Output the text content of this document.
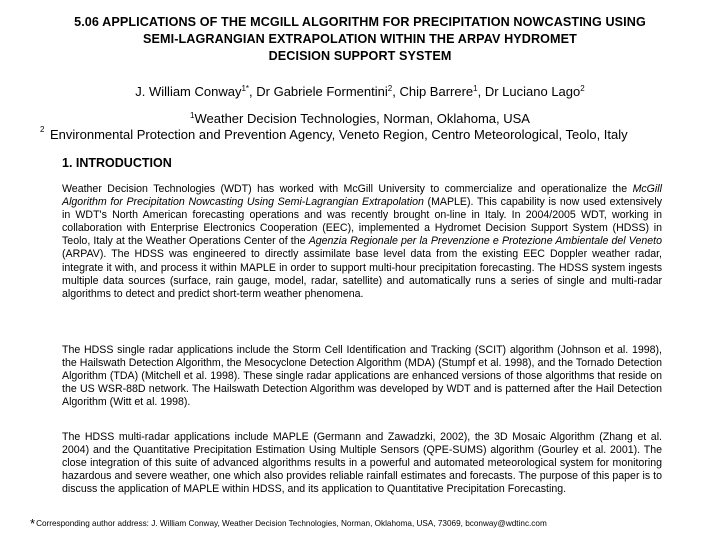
5.06 APPLICATIONS OF THE MCGILL ALGORITHM FOR PRECIPITATION NOWCASTING USING
SEMI-LAGRANGIAN EXTRAPOLATION WITHIN THE ARPAV HYDROMET
DECISION SUPPORT SYSTEM
J. William Conway$^{1*}$, Dr Gabriele Formentini$^2$, Chip Barrere$^1$, Dr Luciano Lago$^2$
$^1$Weather Decision Technologies, Norman, Oklahoma, USA
2 Environmental Protection and Prevention Agency, Veneto Region, Centro Meteorological, Teolo, Italy
1. INTRODUCTION

Weather Decision Technologies (WDT) has worked with McGill University to commercialize and operationalize the McGill Algorithm for Precipitation Nowcasting Using Semi-Lagrangian Extrapolation (MAPLE). This capability is now used extensively in WDT's North American forecasting operations and was recently brought on-line in Italy. In 2004/2005 WDT, working in collaboration with Enterprise Electronics Cooperation (EEC), implemented a Hydromet Decision Support System (HDSS) in Teolo, Italy at the Weather Operations Center of the Agenzia Regionale per la Prevenzione e Protezione Ambientale del Veneto (ARPAV). The HDSS was engineered to directly assimilate base level data from the existing EEC Doppler weather radar, integrate it with, and process it within MAPLE in order to support multi-hour precipitation forecasting. The HDSS system ingests multiple data sources (surface, rain gauge, model, radar, satellite) and automatically runs a series of single and multi-radar algorithms to detect and predict short-term weather phenomena.

The HDSS single radar applications include the Storm Cell Identification and Tracking (SCIT) algorithm (Johnson et al. 1998), the Hailswath Detection Algorithm, the Mesocyclone Detection Algorithm (MDA) (Stumpf et al. 1998), and the Tornado Detection Algorithm (TDA) (Mitchell et al. 1998). These single radar applications are enhanced versions of those algorithms that reside on the US WSR-88D network. The Hailswath Detection Algorithm was developed by WDT and is patterned after the Hail Detection Algorithm (Witt et al. 1998).

The HDSS multi-radar applications include MAPLE (Germann and Zawadzki, 2002), the 3D Mosaic Algorithm (Zhang et al. 2004) and the Quantitative Precipitation Estimation Using Multiple Sensors (QPE-SUMS) algorithm (Gourley et al. 2001). The close integration of this suite of advanced algorithms results in a powerful and automated meteorological system for monitoring hazardous and severe weather, one which also provides reliable rainfall estimates and forecasts. The purpose of this paper is to discuss the application of MAPLE within HDSS, and its application to Quantitative Precipitation Forecasting.

*Corresponding author address: J. William Conway, Weather Decision Technologies, Norman, Oklahoma, USA, 73069, bconway@wdtinc.com
